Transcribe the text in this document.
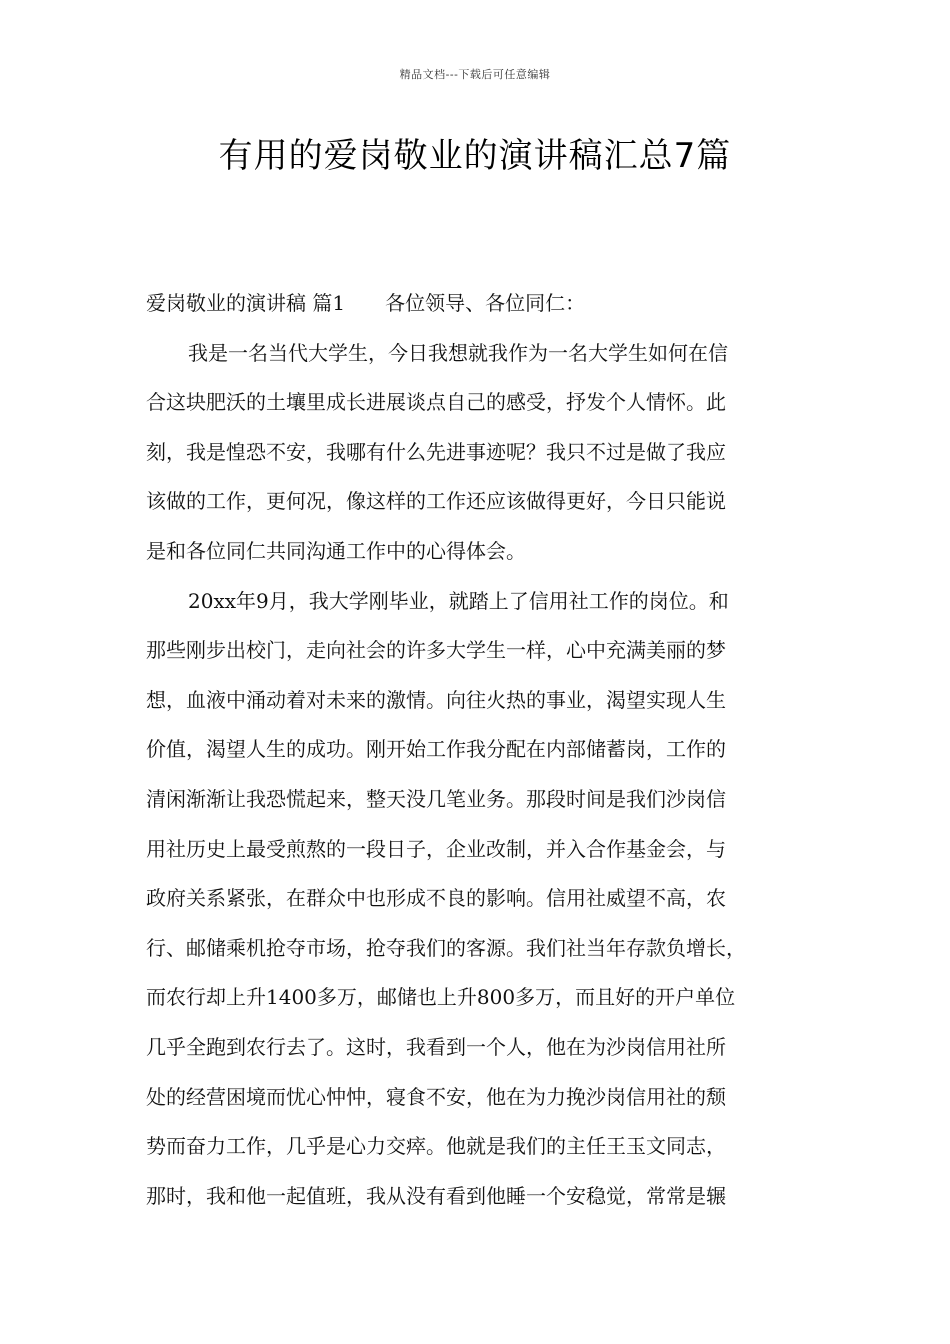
精品文档---下载后可任意编辑
有用的爱岗敬业的演讲稿汇总7篇
爱岗敬业的演讲稿 篇1 各位领导、各位同仁：
我是一名当代大学生，今日我想就我作为一名大学生如何在信
合这块肥沃的土壤里成长进展谈点自己的感受，抒发个人情怀。此
刻，我是惶恐不安，我哪有什么先进事迹呢？我只不过是做了我应
该做的工作，更何况，像这样的工作还应该做得更好，今日只能说
是和各位同仁共同沟通工作中的心得体会。
20xx年9月，我大学刚毕业，就踏上了信用社工作的岗位。和
那些刚步出校门，走向社会的许多大学生一样，心中充满美丽的梦
想，血液中涌动着对未来的激情。向往火热的事业，渴望实现人生
价值，渴望人生的成功。刚开始工作我分配在内部储蓄岗，工作的
清闲渐渐让我恐慌起来，整天没几笔业务。那段时间是我们沙岗信
用社历史上最受煎熬的一段日子，企业改制，并入合作基金会，与
政府关系紧张，在群众中也形成不良的影响。信用社威望不高，农
行、邮储乘机抢夺市场，抢夺我们的客源。我们社当年存款负增长，
而农行却上升1400多万，邮储也上升800多万，而且好的开户单位
几乎全跑到农行去了。这时，我看到一个人，他在为沙岗信用社所
处的经营困境而忧心忡忡，寝食不安，他在为力挽沙岗信用社的颓
势而奋力工作，几乎是心力交瘁。他就是我们的主任王玉文同志，
那时，我和他一起值班，我从没有看到他睡一个安稳觉，常常是辗
